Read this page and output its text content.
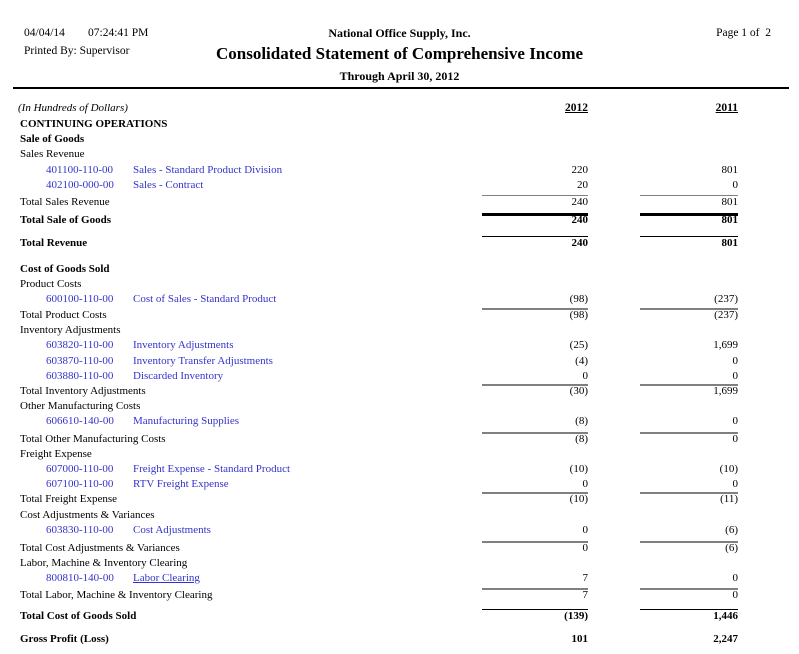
04/04/14 07:24:41 PM
Printed By: Supervisor
National Office Supply, Inc.	Page 1 of  2
Consolidated Statement of Comprehensive Income
Through April 30, 2012
(In Hundreds of Dollars)	2012	2011
CONTINUING OPERATIONS
Sale of Goods
Sales Revenue
401100-110-00 Sales - Standard Product Division	220	801
402100-000-00 Sales - Contract	20	0
Total Sales Revenue	240	801
Total Sale of Goods	240	801
Total Revenue	240	801
Cost of Goods Sold
Product Costs
600100-110-00 Cost of Sales - Standard Product	(98)	(237)
Total Product Costs	(98)	(237)
Inventory Adjustments
603820-110-00 Inventory Adjustments	(25)	1,699
603870-110-00 Inventory Transfer Adjustments	(4)	0
603880-110-00 Discarded Inventory	0	0
Total Inventory Adjustments	(30)	1,699
Other Manufacturing Costs
606610-140-00 Manufacturing Supplies	(8)	0
Total Other Manufacturing Costs	(8)	0
Freight Expense
607000-110-00 Freight Expense - Standard Product	(10)	(10)
607100-110-00 RTV Freight Expense	0	0
Total Freight Expense	(10)	(11)
Cost Adjustments & Variances
603830-110-00 Cost Adjustments	0	(6)
Total Cost Adjustments & Variances	0	(6)
Labor, Machine & Inventory Clearing
800810-140-00 Labor Clearing	7	0
Total Labor, Machine & Inventory Clearing	7	0
Total Cost of Goods Sold	(139)	1,446
Gross Profit (Loss)	101	2,247
